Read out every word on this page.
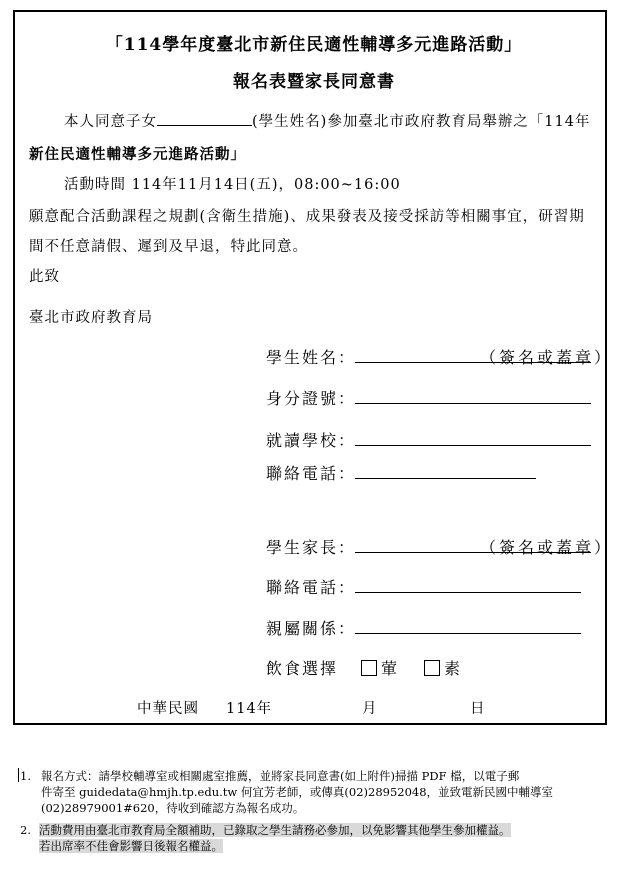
「114學年度臺北市新住民適性輔導多元進路活動」
報名表暨家長同意書
本人同意子女	(學生姓名)參加臺北市政府教育局舉辦之「114年
新住民適性輔導多元進路活動」
活動時間 114年11月14日(五)，08:00~16:00
願意配合活動課程之規劃(含衛生措施)、成果發表及接受採訪等相關事宜，研習期
間不任意請假、遲到及早退，特此同意。
此致
臺北市政府教育局
學生姓名：	（簽名或蓋章）
身分證號：
就讀學校：
聯絡電話：
學生家長：	（簽名或蓋章）
聯絡電話：
親屬關係：
飲食選擇	葷	素
中華民國 114年	月	日
1. 報名方式：請學校輔導室或相關處室推薦，並將家長同意書(如上附件)掃描 PDF 檔，以電子郵
件寄至 guidedata@hmjh.tp.edu.tw 何宜芳老師，或傳真(02)28952048，並致電新民國中輔導室
(02)28979001#620，待收到確認方為報名成功。
2. 活動費用由臺北市教育局全額補助，已錄取之學生請務必參加，以免影響其他學生參加權益。
若出席率不佳會影響日後報名權益。
